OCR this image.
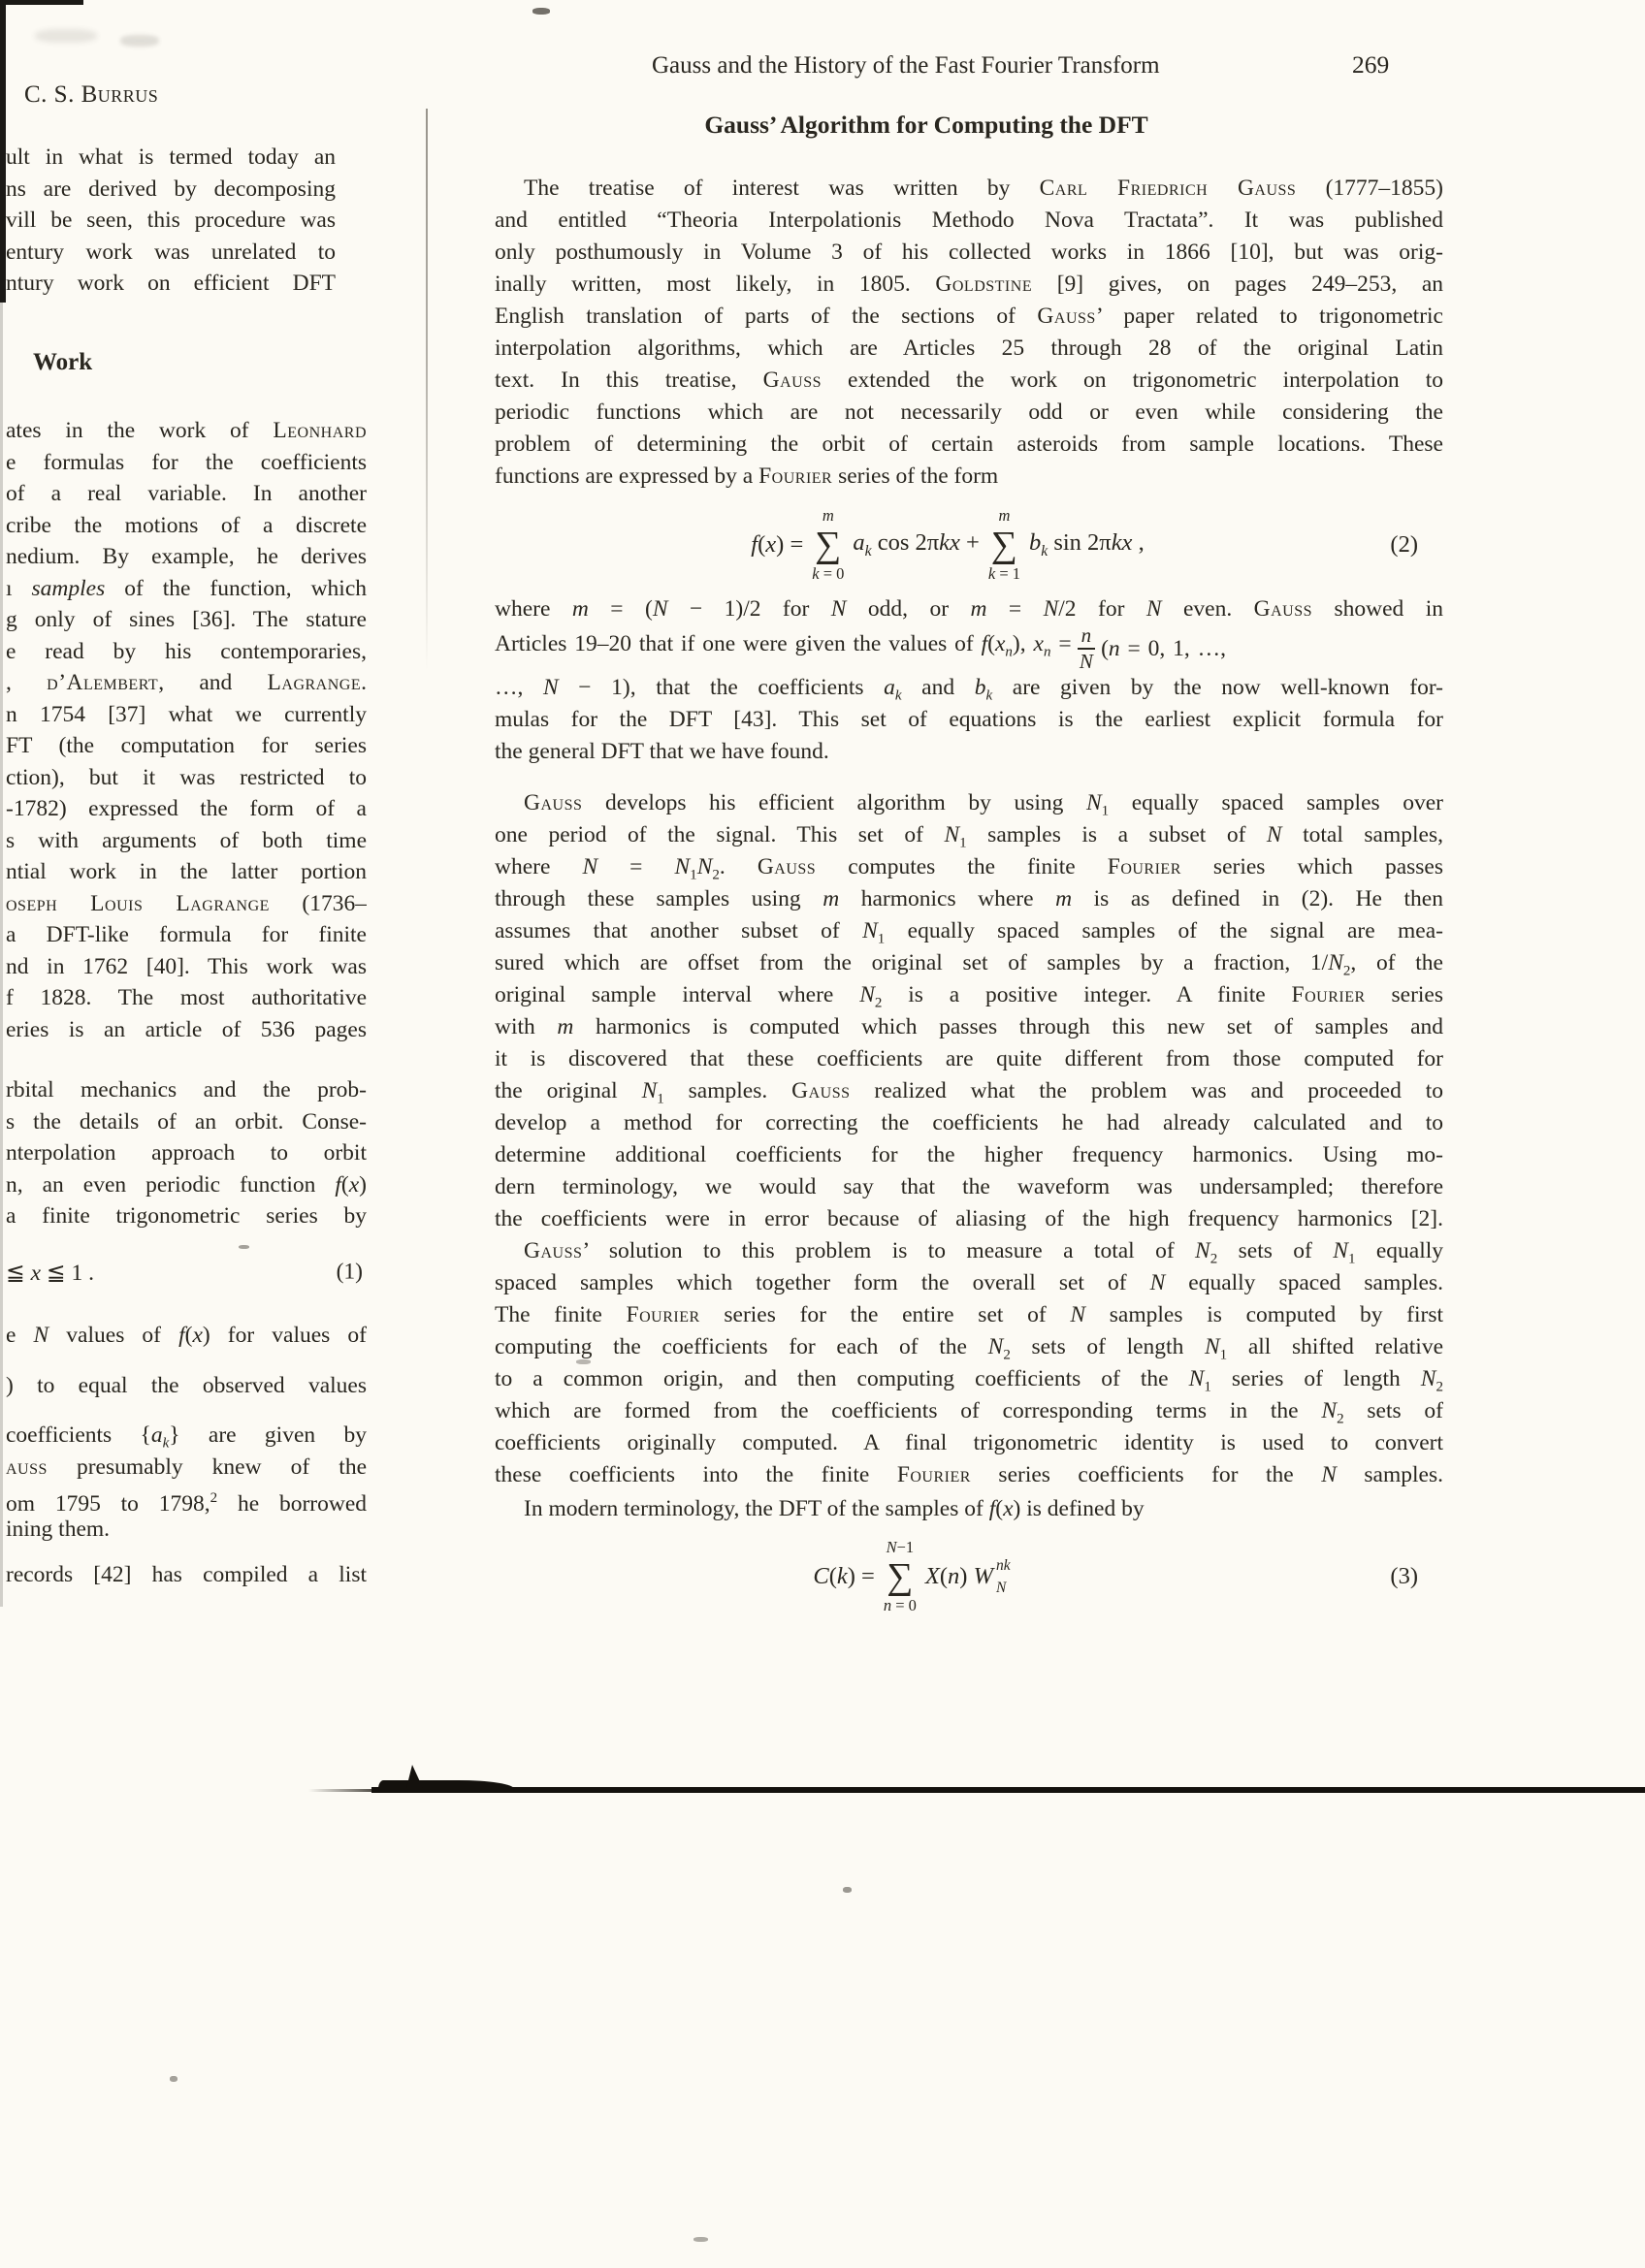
C. S. Burrus
Gauss and the History of the Fast Fourier Transform	269
Gauss’ Algorithm for Computing the DFT
ult in what is termed today an
ns are derived by decomposing
vill be seen, this procedure was
entury work was unrelated to
ntury work on efficient DFT
Work
ates in the work of Leonhard
e formulas for the coefficients
of a real variable. In another
cribe the motions of a discrete
nedium. By example, he derives
ı samples of the function, which
g only of sines [36]. The stature
e read by his contemporaries,
, d’Alembert, and Lagrange.
n 1754 [37] what we currently
FT (the computation for series
ction), but it was restricted to
-1782) expressed the form of a
s with arguments of both time
ntial work in the latter portion
oseph Louis Lagrange (1736–
a DFT-like formula for finite
nd in 1762 [40]. This work was
f 1828. The most authoritative
eries is an article of 536 pages
rbital mechanics and the prob-
s the details of an orbit. Conse-
nterpolation approach to orbit
n, an even periodic function f(x)
a finite trigonometric series by
≦ x ≦ 1 .	(1)
e N values of f(x) for values of
) to equal the observed values
coefficients $\{a_k\}$ are given by
auss presumably knew of the
om 1795 to 1798,$^2$ he borrowed
ining them.
records [42] has compiled a list
The treatise of interest was written by Carl Friedrich Gauss (1777–1855)
and entitled “Theoria Interpolationis Methodo Nova Tractata”. It was published
only posthumously in Volume 3 of his collected works in 1866 [10], but was orig-
inally written, most likely, in 1805. Goldstine [9] gives, on pages 249–253, an
English translation of parts of the sections of Gauss’ paper related to trigonometric
interpolation algorithms, which are Articles 25 through 28 of the original Latin
text. In this treatise, Gauss extended the work on trigonometric interpolation to
periodic functions which are not necessarily odd or even while considering the
problem of determining the orbit of certain asteroids from sample locations. These
functions are expressed by a Fourier series of the form
f(x) =
m
∑
k = 0
$a_k$ cos 2πkx +
m
∑
k = 1
$b_k$ sin 2πkx ,	(2)
where m = (N − 1)/2 for N odd, or m = N/2 for N even. Gauss showed in
Articles 19–20 that if one were given the values of $f(x_n)$, $x_n = \frac{n}{N} (n = 0$, 1, …,
…, N − 1), that the coefficients $a_k$ and $b_k$ are given by the now well-known for-
mulas for the DFT [43]. This set of equations is the earliest explicit formula for
the general DFT that we have found.
Gauss develops his efficient algorithm by using $N_1$ equally spaced samples over
one period of the signal. This set of $N_1$ samples is a subset of N total samples,
where $N = N_1N_2$. Gauss computes the finite Fourier series which passes
through these samples using m harmonics where m is as defined in (2). He then
assumes that another subset of $N_1$ equally spaced samples of the signal are mea-
sured which are offset from the original set of samples by a fraction, $1/N_2$, of the
original sample interval where $N_2$ is a positive integer. A finite Fourier series
with m harmonics is computed which passes through this new set of samples and
it is discovered that these coefficients are quite different from those computed for
the original $N_1$ samples. Gauss realized what the problem was and proceeded to
develop a method for correcting the coefficients he had already calculated and to
determine additional coefficients for the higher frequency harmonics. Using mo-
dern terminology, we would say that the waveform was undersampled; therefore
the coefficients were in error because of aliasing of the high frequency harmonics [2].
Gauss’ solution to this problem is to measure a total of $N_2$ sets of $N_1$ equally
spaced samples which together form the overall set of N equally spaced samples.
The finite Fourier series for the entire set of N samples is computed by first
computing the coefficients for each of the $N_2$ sets of length $N_1$ all shifted relative
to a common origin, and then computing coefficients of the $N_1$ series of length $N_2$
which are formed from the coefficients of corresponding terms in the $N_2$ sets of
coefficients originally computed. A final trigonometric identity is used to convert
these coefficients into the finite Fourier series coefficients for the N samples.
In modern terminology, the DFT of the samples of f(x) is defined by
C(k) =
N−1
∑
n = 0
X(n) W nk
N	(3)
